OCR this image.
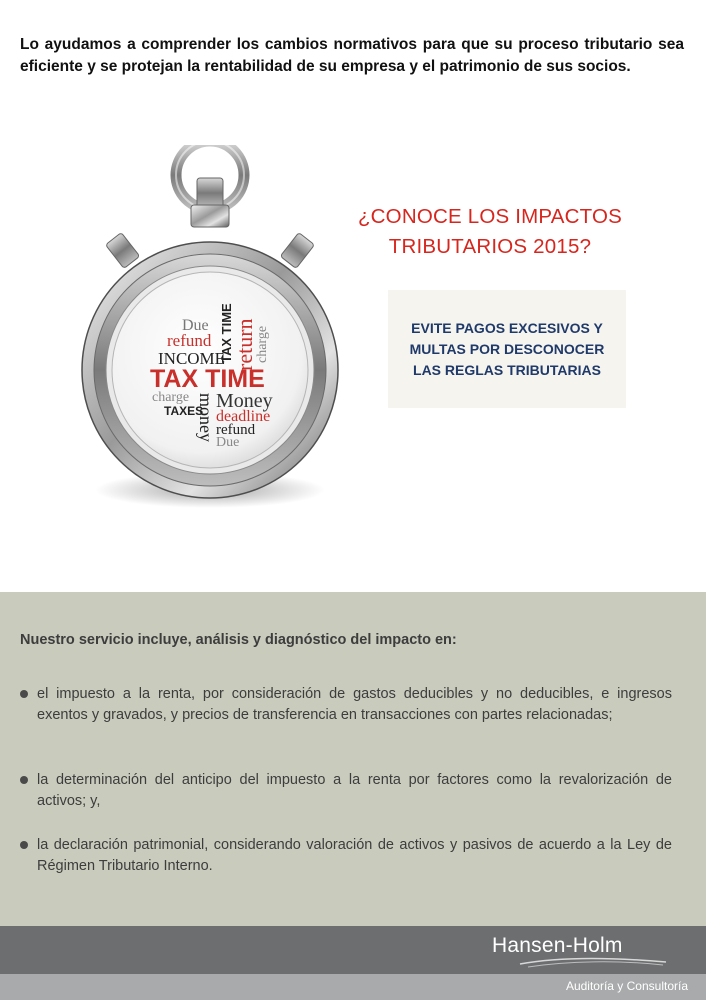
Lo ayudamos a comprender los cambios normativos para que su proceso tributario sea eficiente y se protejan la rentabilidad de su empresa y el patrimonio de sus socios.
Due
refund
INCOME
TAX TIME
return
charge
TAX TIME
charge
TAXES
money Money
deadline
refund
Due
¿CONOCE LOS IMPACTOS
TRIBUTARIOS 2015?
EVITE PAGOS EXCESIVOS Y
MULTAS POR DESCONOCER
LAS REGLAS TRIBUTARIAS
Nuestro servicio incluye, análisis y diagnóstico del impacto en:
el impuesto a la renta, por consideración de gastos deducibles y no deducibles, e ingresos exentos y gravados, y precios de transferencia en transacciones con partes relacionadas;
la determinación del anticipo del impuesto a la renta por factores como la revalorización de activos; y,
la declaración patrimonial, considerando valoración de activos y pasivos de acuerdo a la Ley de Régimen Tributario Interno.
Hansen-Holm
Auditoría y Consultoría
